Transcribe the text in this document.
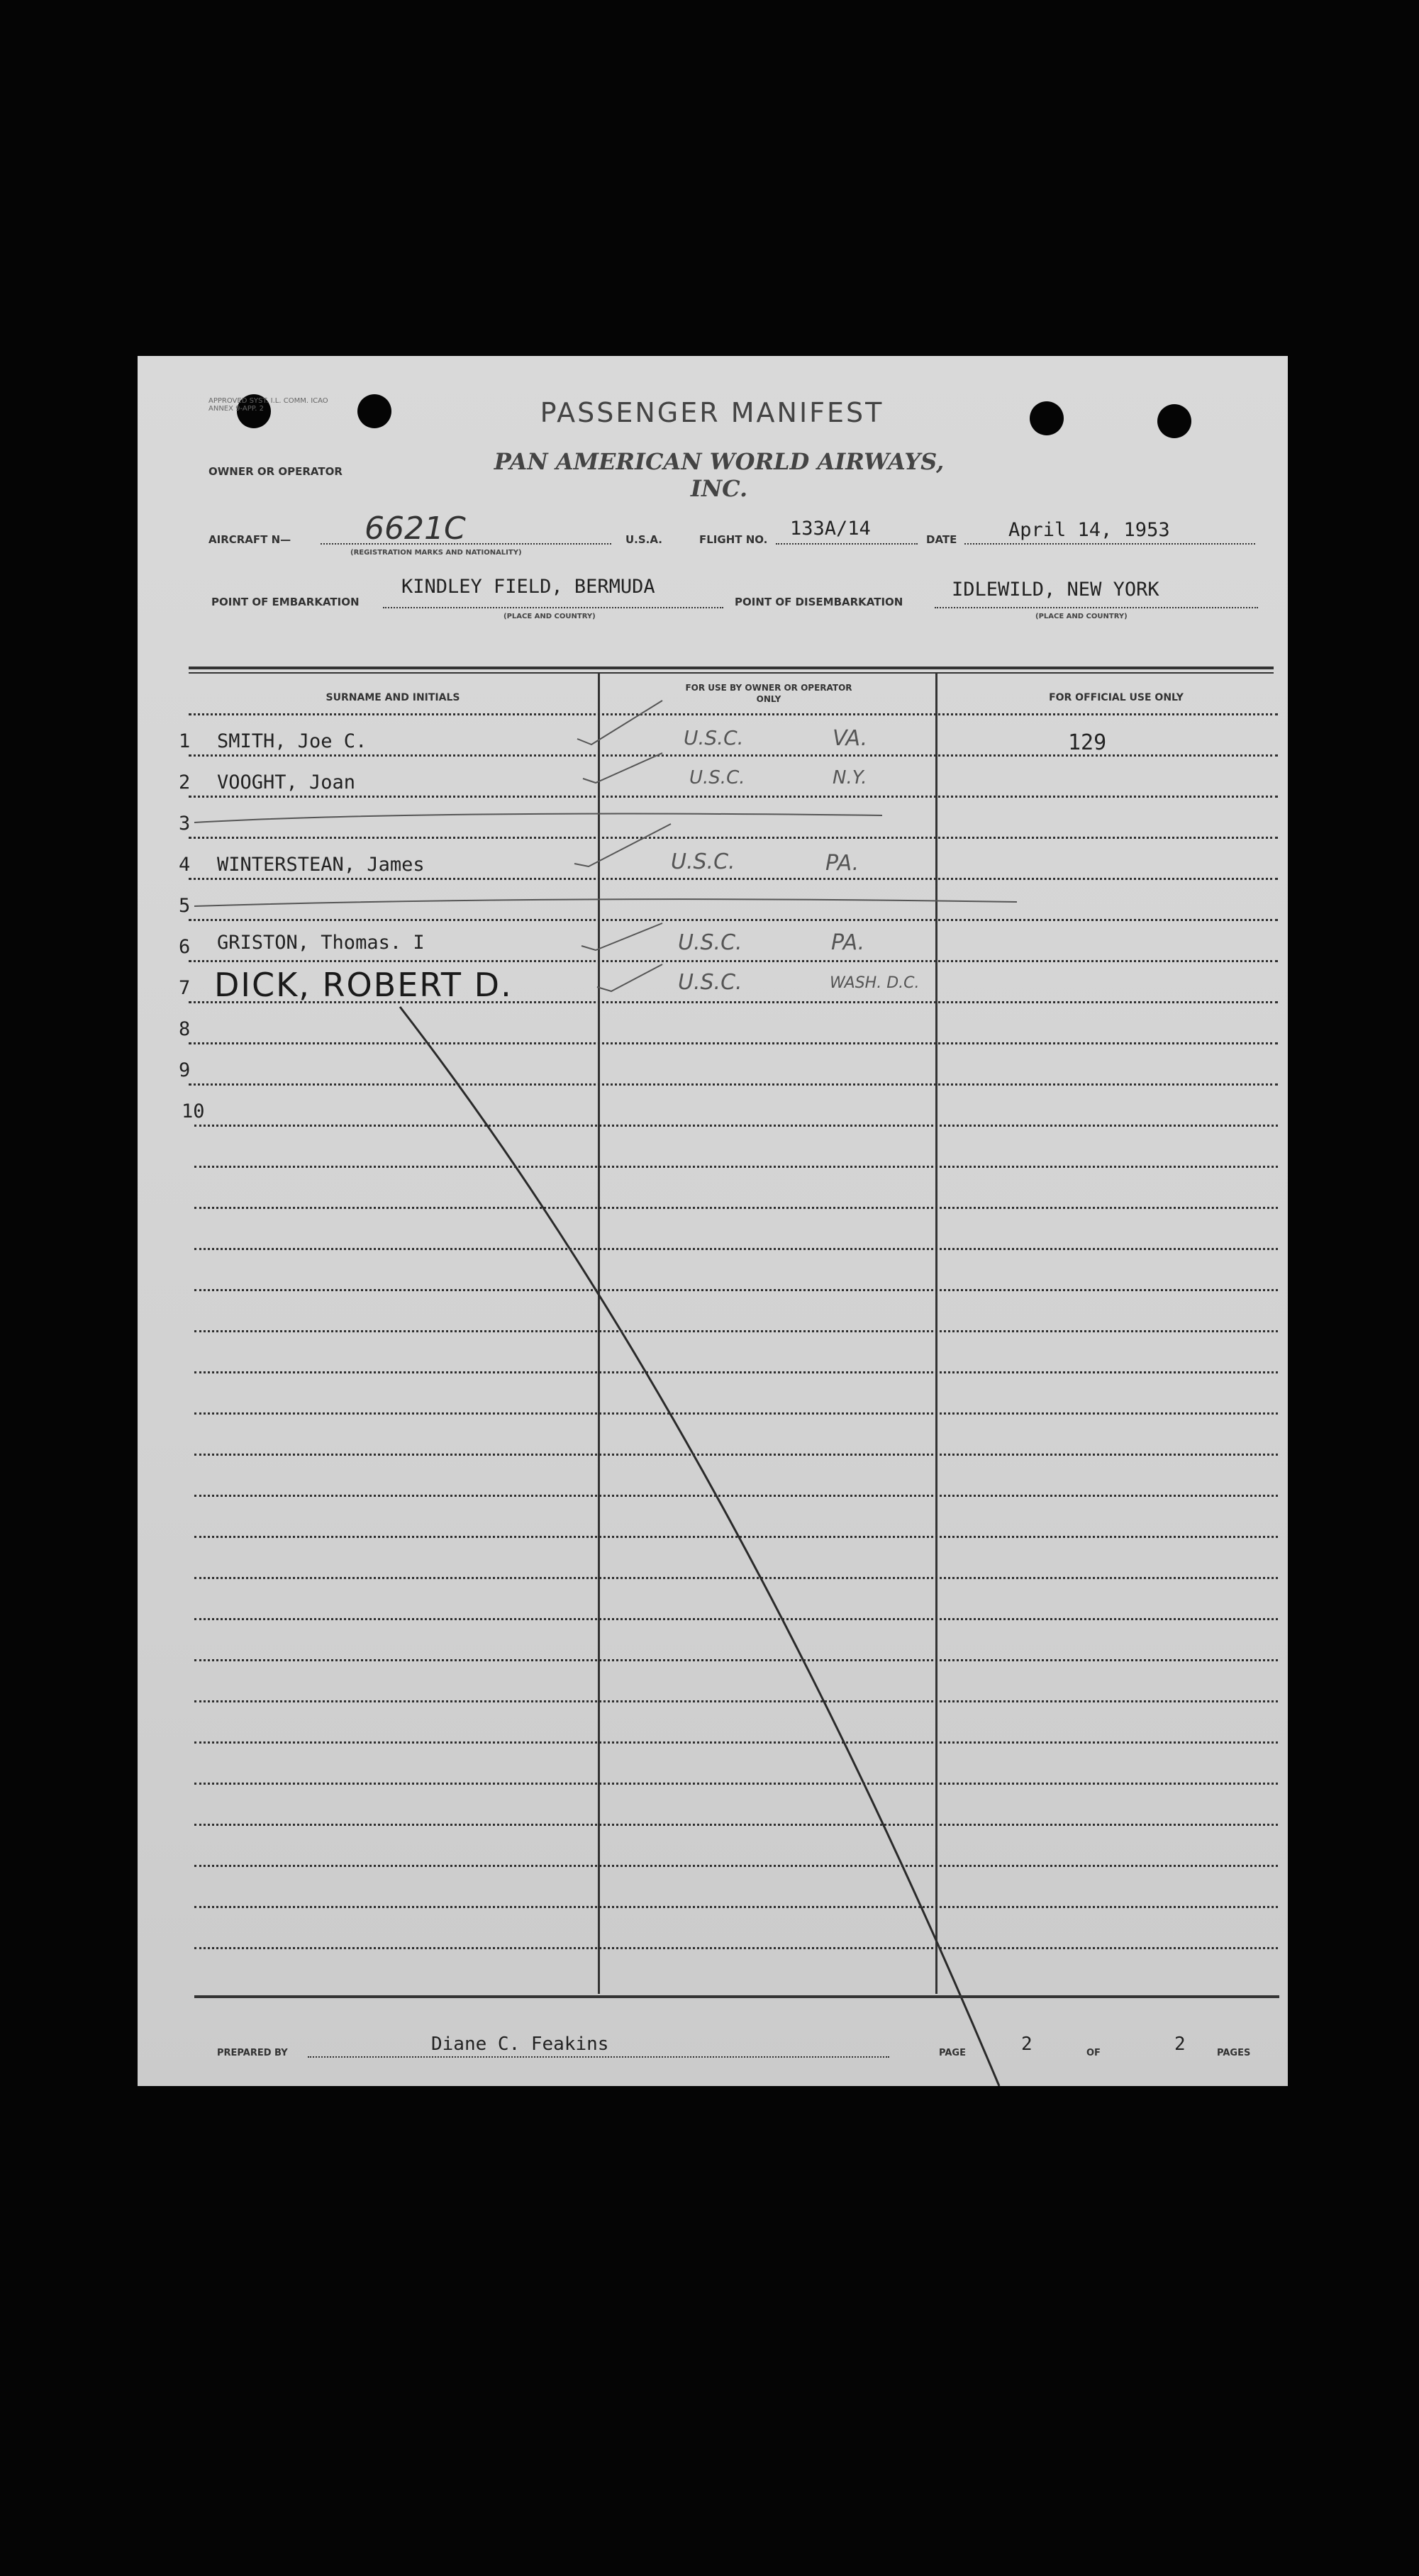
APPROVED SYST. I.L. COMM. ICAO ANNEX 9-APP. 2	PASSENGER MANIFEST
PAN AMERICAN WORLD AIRWAYS, INC.
OWNER OR OPERATOR
AIRCRAFT N— 6621C
(REGISTRATION MARKS AND NATIONALITY)
U.S.A.	FLIGHT NO. 133A/14	DATE	April 14, 1953
POINT OF EMBARKATION
KINDLEY FIELD, BERMUDA
(PLACE AND COUNTRY)
POINT OF DISEMBARKATION
IDLEWILD, NEW YORK
(PLACE AND COUNTRY)
SURNAME AND INITIALS
FOR USE BY OWNER OR OPERATOR ONLY	FOR OFFICIAL USE ONLY
1 SMITH, Joe C.	U.S.C.	VA.	129
2 VOOGHT, Joan	U.S.C.	N.Y.
3
4 WINTERSTEAN, James	U.S.C.	PA.
5
6 GRISTON, Thomas. I	U.S.C.	PA.
7 DICK, ROBERT D.	U.S.C.	WASH. D.C.
8
9
10
PREPARED BY	Diane C. Feakins	PAGE	2	OF	2	PAGES
